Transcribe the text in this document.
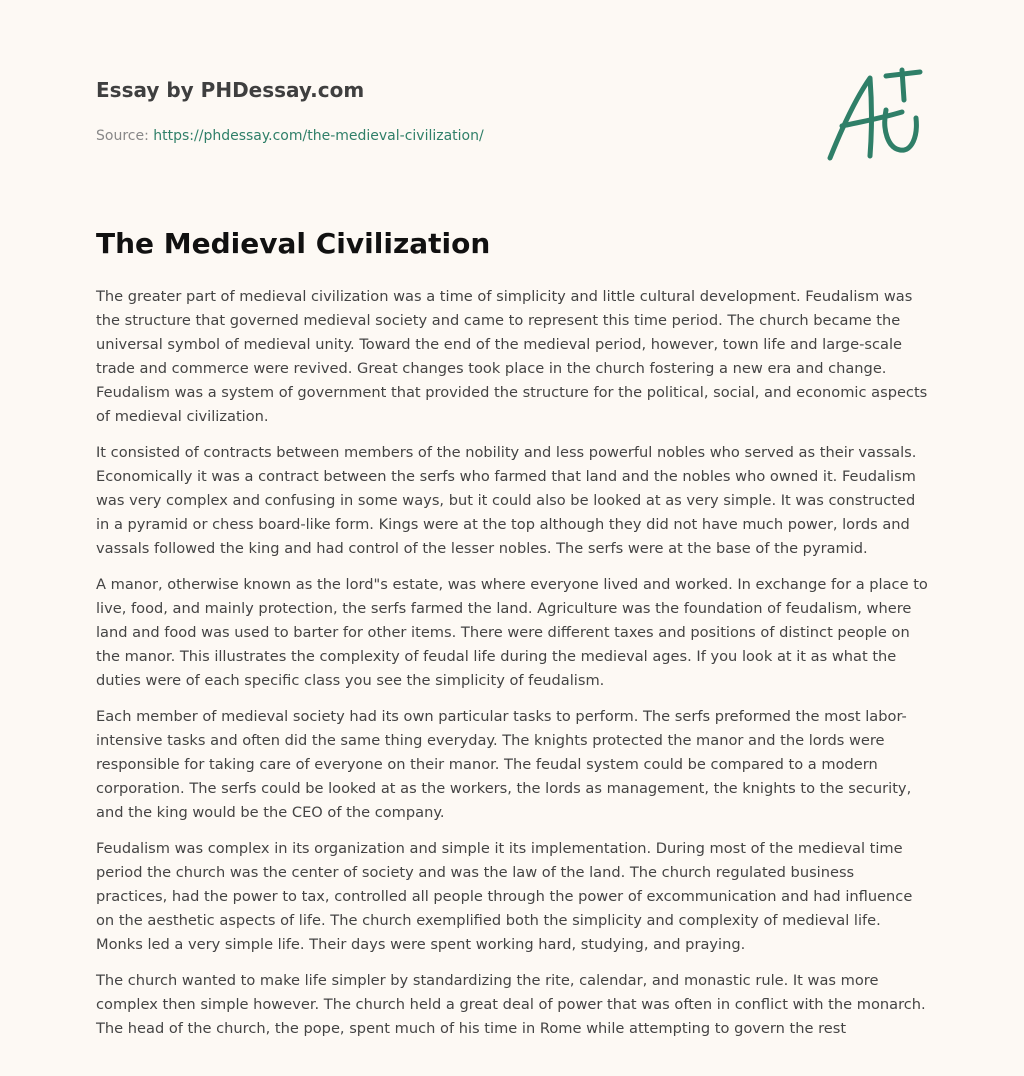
Essay by PHDessay.com
Source: https://phdessay.com/the-medieval-civilization/
The Medieval Civilization

The greater part of medieval civilization was a time of simplicity and little cultural development. Feudalism was the structure that governed medieval society and came to represent this time period. The church became the universal symbol of medieval unity. Toward the end of the medieval period, however, town life and large-scale trade and commerce were revived. Great changes took place in the church fostering a new era and change. Feudalism was a system of government that provided the structure for the political, social, and economic aspects of medieval civilization.

It consisted of contracts between members of the nobility and less powerful nobles who served as their vassals. Economically it was a contract between the serfs who farmed that land and the nobles who owned it. Feudalism was very complex and confusing in some ways, but it could also be looked at as very simple. It was constructed in a pyramid or chess board-like form. Kings were at the top although they did not have much power, lords and vassals followed the king and had control of the lesser nobles. The serfs were at the base of the pyramid.

A manor, otherwise known as the lord"s estate, was where everyone lived and worked. In exchange for a place to live, food, and mainly protection, the serfs farmed the land. Agriculture was the foundation of feudalism, where land and food was used to barter for other items. There were different taxes and positions of distinct people on the manor. This illustrates the complexity of feudal life during the medieval ages. If you look at it as what the duties were of each specific class you see the simplicity of feudalism.

Each member of medieval society had its own particular tasks to perform. The serfs preformed the most labor-intensive tasks and often did the same thing everyday. The knights protected the manor and the lords were responsible for taking care of everyone on their manor. The feudal system could be compared to a modern corporation. The serfs could be looked at as the workers, the lords as management, the knights to the security, and the king would be the CEO of the company.

Feudalism was complex in its organization and simple it its implementation. During most of the medieval time period the church was the center of society and was the law of the land. The church regulated business practices, had the power to tax, controlled all people through the power of excommunication and had influence on the aesthetic aspects of life. The church exemplified both the simplicity and complexity of medieval life. Monks led a very simple life. Their days were spent working hard, studying, and praying.

The church wanted to make life simpler by standardizing the rite, calendar, and monastic rule. It was more complex then simple however. The church held a great deal of power that was often in conflict with the monarch. The head of the church, the pope, spent much of his time in Rome while attempting to govern the rest
